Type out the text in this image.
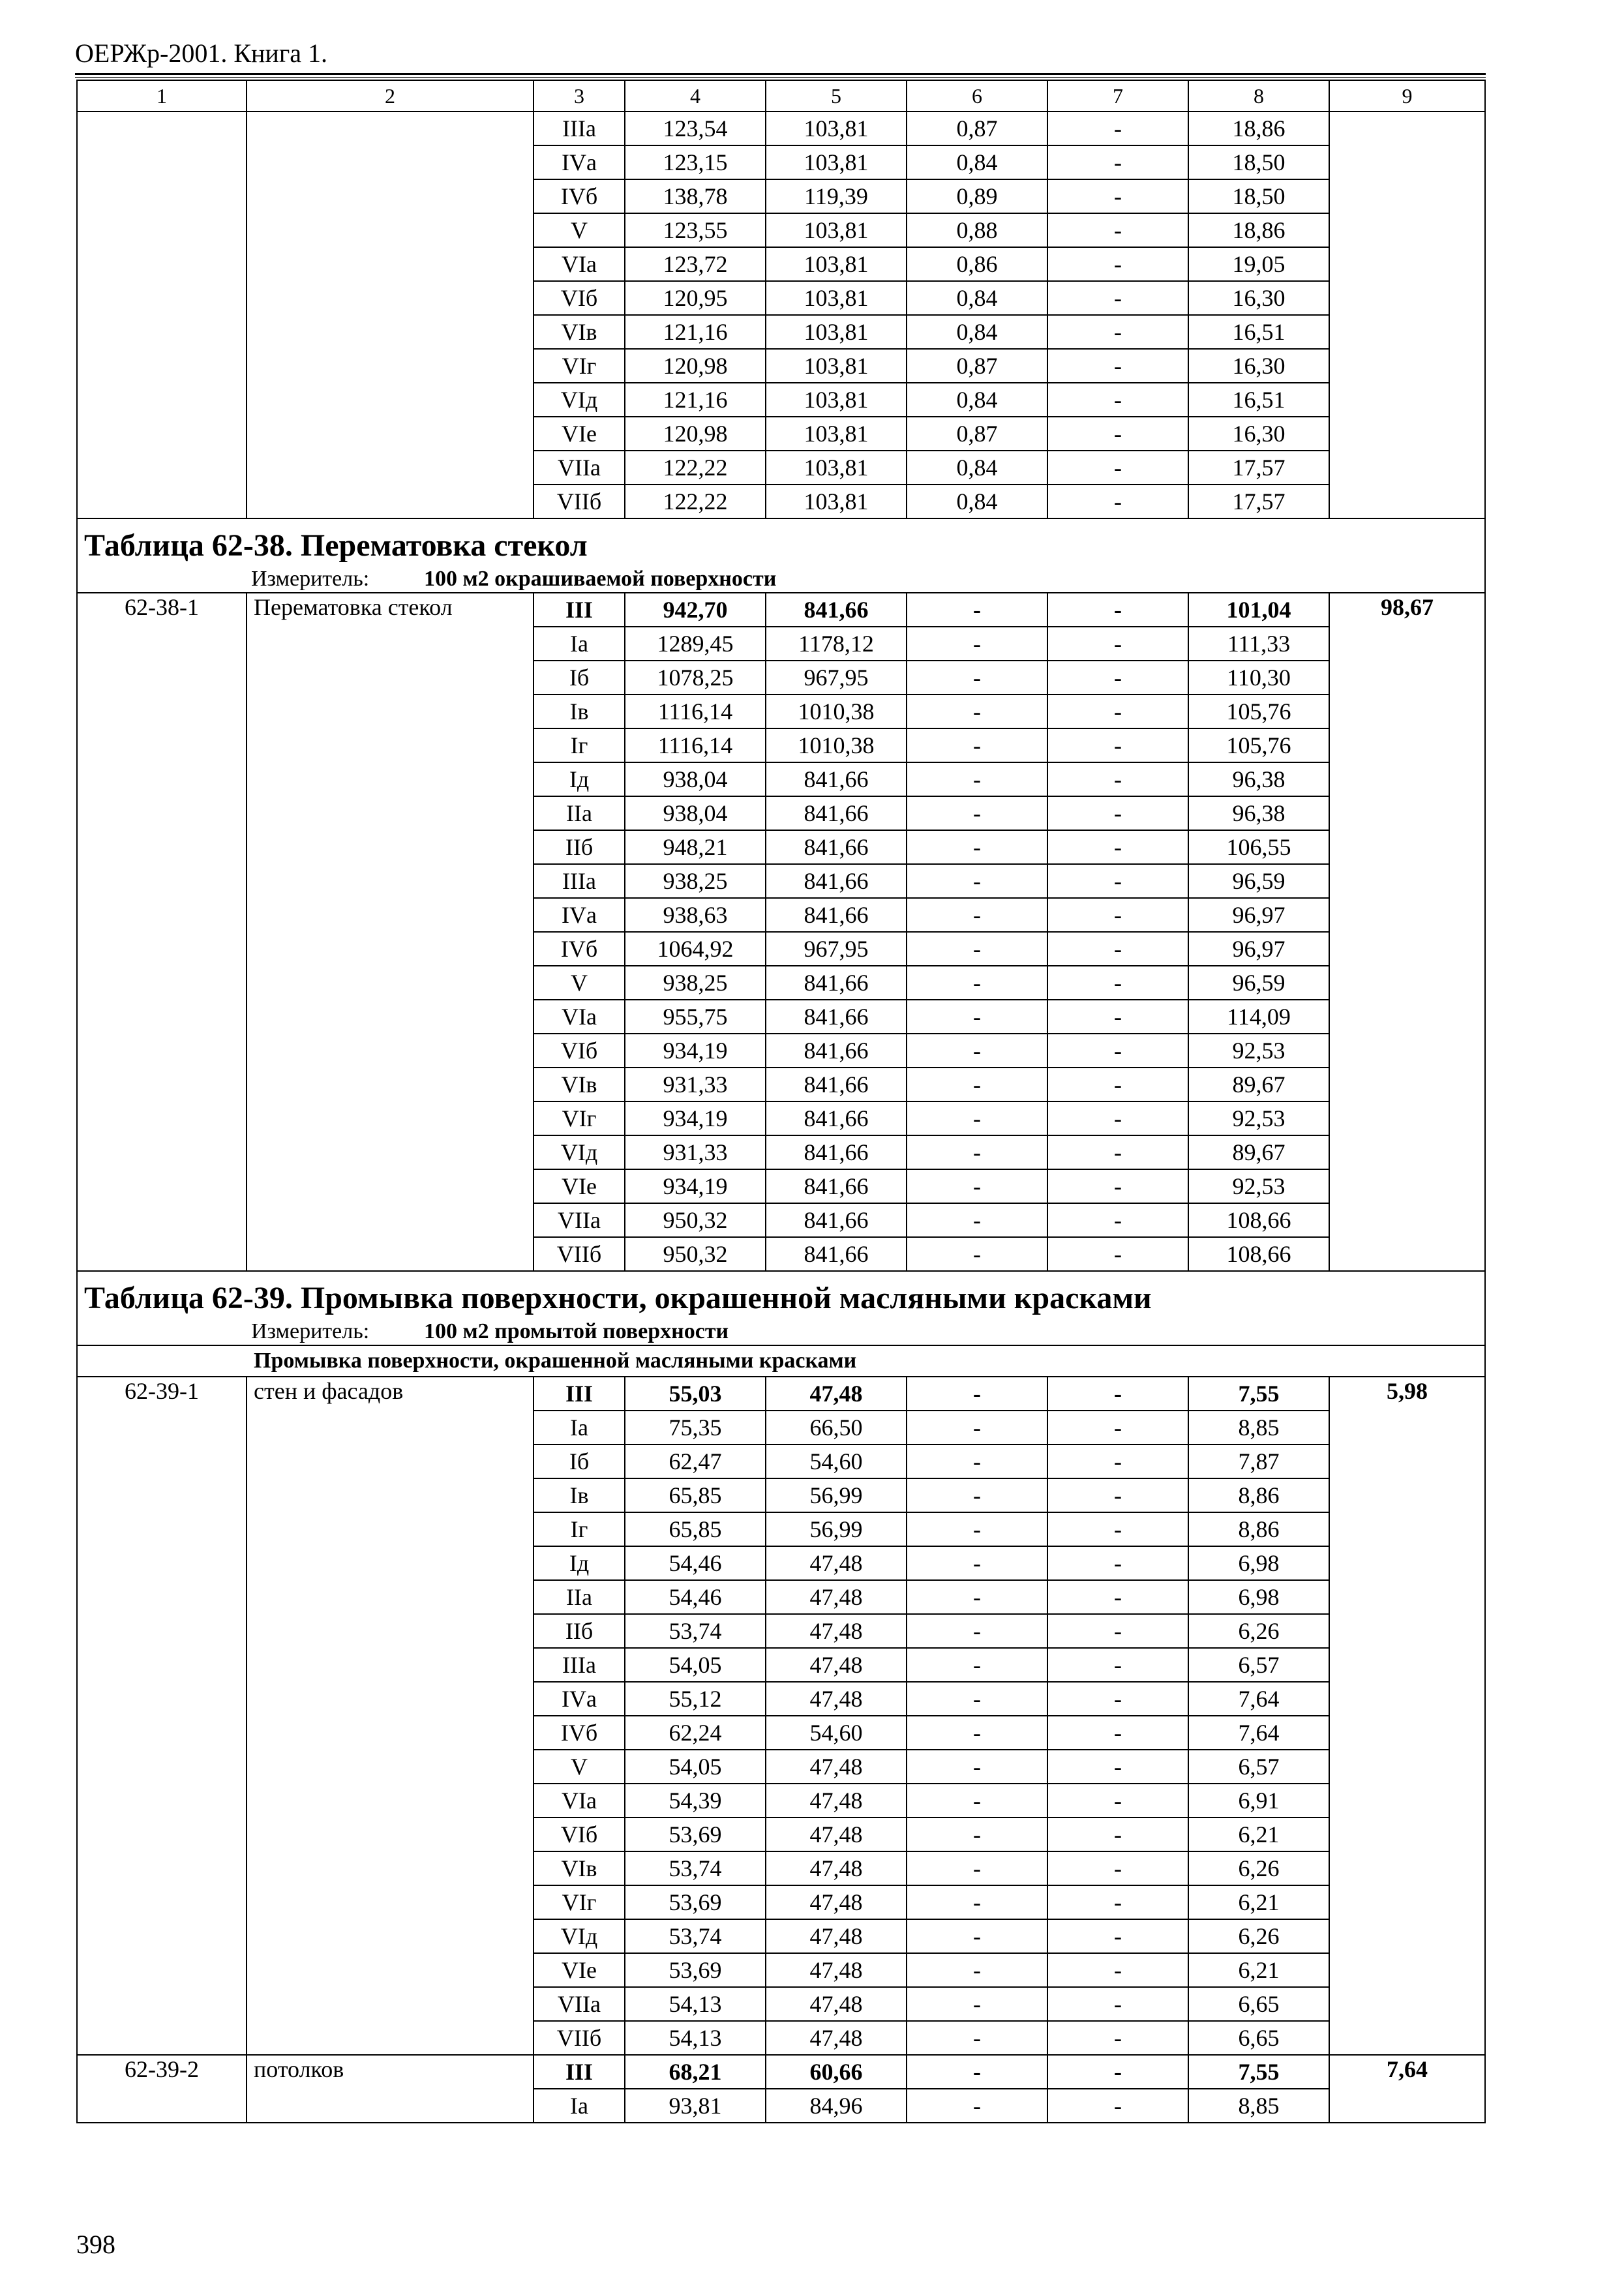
ОЕРЖр-2001. Книга 1.
1	2	3	4	5	6	7	8	9
		IIIа	123,54	103,81	0,87	-	18,86	
		IVа	123,15	103,81	0,84	-	18,50	
		IVб	138,78	119,39	0,89	-	18,50	
		V	123,55	103,81	0,88	-	18,86	
		VIа	123,72	103,81	0,86	-	19,05	
		VIб	120,95	103,81	0,84	-	16,30	
		VIв	121,16	103,81	0,84	-	16,51	
		VIг	120,98	103,81	0,87	-	16,30	
		VIд	121,16	103,81	0,84	-	16,51	
		VIе	120,98	103,81	0,87	-	16,30	
		VIIа	122,22	103,81	0,84	-	17,57	
		VIIб	122,22	103,81	0,84	-	17,57	
Таблица 62-38. Перематовка стекол								
Измеритель: 100 м2 окрашиваемой поверхности								
62-38-1	Перематовка стекол	III	942,70	841,66	-	-	101,04	98,67
		Iа	1289,45	1178,12	-	-	111,33	
		Iб	1078,25	967,95	-	-	110,30	
		Iв	1116,14	1010,38	-	-	105,76	
		Iг	1116,14	1010,38	-	-	105,76	
		Iд	938,04	841,66	-	-	96,38	
		IIа	938,04	841,66	-	-	96,38	
		IIб	948,21	841,66	-	-	106,55	
		IIIа	938,25	841,66	-	-	96,59	
		IVа	938,63	841,66	-	-	96,97	
		IVб	1064,92	967,95	-	-	96,97	
		V	938,25	841,66	-	-	96,59	
		VIа	955,75	841,66	-	-	114,09	
		VIб	934,19	841,66	-	-	92,53	
		VIв	931,33	841,66	-	-	89,67	
		VIг	934,19	841,66	-	-	92,53	
		VIд	931,33	841,66	-	-	89,67	
		VIе	934,19	841,66	-	-	92,53	
		VIIа	950,32	841,66	-	-	108,66	
		VIIб	950,32	841,66	-	-	108,66	
Таблица 62-39. Промывка поверхности, окрашенной масляными красками								
Измеритель: 100 м2 промытой поверхности								
Промывка поверхности, окрашенной масляными красками								
62-39-1	стен и фасадов	III	55,03	47,48	-	-	7,55	5,98
		Iа	75,35	66,50	-	-	8,85	
		Iб	62,47	54,60	-	-	7,87	
		Iв	65,85	56,99	-	-	8,86	
		Iг	65,85	56,99	-	-	8,86	
		Iд	54,46	47,48	-	-	6,98	
		IIа	54,46	47,48	-	-	6,98	
		IIб	53,74	47,48	-	-	6,26	
		IIIа	54,05	47,48	-	-	6,57	
		IVа	55,12	47,48	-	-	7,64	
		IVб	62,24	54,60	-	-	7,64	
		V	54,05	47,48	-	-	6,57	
		VIа	54,39	47,48	-	-	6,91	
		VIб	53,69	47,48	-	-	6,21	
		VIв	53,74	47,48	-	-	6,26	
		VIг	53,69	47,48	-	-	6,21	
		VIд	53,74	47,48	-	-	6,26	
		VIе	53,69	47,48	-	-	6,21	
		VIIа	54,13	47,48	-	-	6,65	
		VIIб	54,13	47,48	-	-	6,65	
62-39-2	потолков	III	68,21	60,66	-	-	7,55	7,64
		Iа	93,81	84,96	-	-	8,85	
398
